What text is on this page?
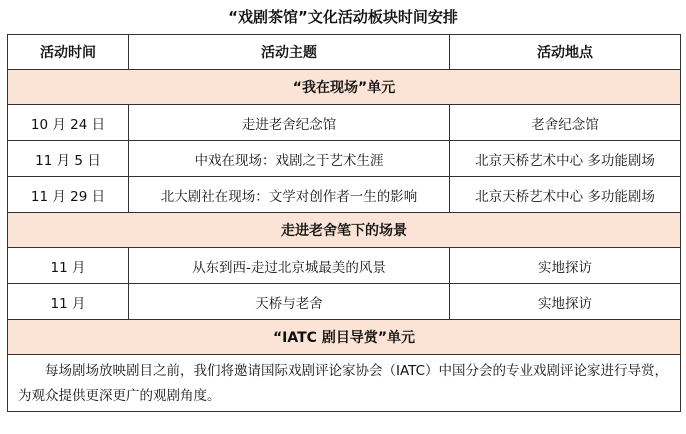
“戏剧茶馆”文化活动板块时间安排
活动时间	活动主题	活动地点
“我在现场”单元		
10 月 24 日	走进老舍纪念馆	老舍纪念馆
11 月 5 日	中戏在现场：戏剧之于艺术生涯	北京天桥艺术中心 多功能剧场
11 月 29 日	北大剧社在现场：文学对创作者一生的影响	北京天桥艺术中心 多功能剧场
走进老舍笔下的场景		
11 月	从东到西-走过北京城最美的风景	实地探访
11 月	天桥与老舍	实地探访
“IATC 剧目导赏”单元		

每场剧场放映剧目之前，我们将邀请国际戏剧评论家协会（IATC）中国分会的专业戏剧评论家进行导赏，为观众提供更深更广的观剧角度。		
